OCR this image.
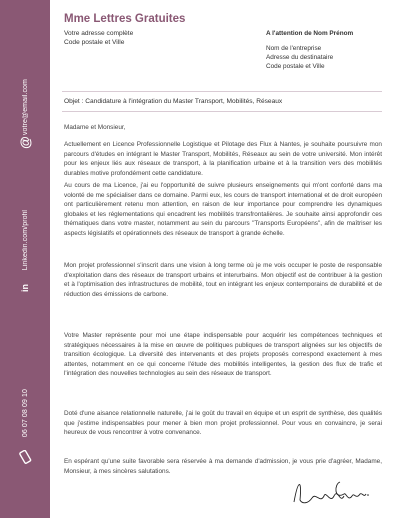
votre@email.com
@
Linkedin.com/profil
in
06 07 08 09 10
Mme Lettres Gratuites
Votre adresse complète
Code postale et Ville
A l'attention de Nom Prénom
Nom de l'entreprise
Adresse du destinataire
Code postale et Ville
Objet : Candidature à l'intégration du Master Transport, Mobilités, Réseaux
Madame et Monsieur,
Actuellement en Licence Professionnelle Logistique et Pilotage des Flux à Nantes, je souhaite poursuivre mon parcours d'études en intégrant le Master Transport, Mobilités, Réseaux au sein de votre université. Mon intérêt pour les enjeux liés aux réseaux de transport, à la planification urbaine et à la transition vers des mobilités durables motive profondément cette candidature.
Au cours de ma Licence, j'ai eu l'opportunité de suivre plusieurs enseignements qui m'ont conforté dans ma volonté de me spécialiser dans ce domaine. Parmi eux, les cours de transport international et de droit européen ont particulièrement retenu mon attention, en raison de leur importance pour comprendre les dynamiques globales et les réglementations qui encadrent les mobilités transfrontalières. Je souhaite ainsi approfondir ces thématiques dans votre master, notamment au sein du parcours "Transports Européens", afin de maîtriser les aspects législatifs et opérationnels des réseaux de transport à grande échelle.
Mon projet professionnel s'inscrit dans une vision à long terme où je me vois occuper le poste de responsable d'exploitation dans des réseaux de transport urbains et interurbains. Mon objectif est de contribuer à la gestion et à l'optimisation des infrastructures de mobilité, tout en intégrant les enjeux contemporains de durabilité et de réduction des émissions de carbone.
Votre Master représente pour moi une étape indispensable pour acquérir les compétences techniques et stratégiques nécessaires à la mise en œuvre de politiques publiques de transport alignées sur les objectifs de transition écologique. La diversité des intervenants et des projets proposés correspond exactement à mes attentes, notamment en ce qui concerne l'étude des mobilités intelligentes, la gestion des flux de trafic et l'intégration des nouvelles technologies au sein des réseaux de transport.
Doté d'une aisance relationnelle naturelle, j'ai le goût du travail en équipe et un esprit de synthèse, des qualités que j'estime indispensables pour mener à bien mon projet professionnel. Pour vous en convaincre, je serai heureux de vous rencontrer à votre convenance.
En espérant qu'une suite favorable sera réservée à ma demande d'admission, je vous prie d'agréer, Madame, Monsieur, à mes sincères salutations.
